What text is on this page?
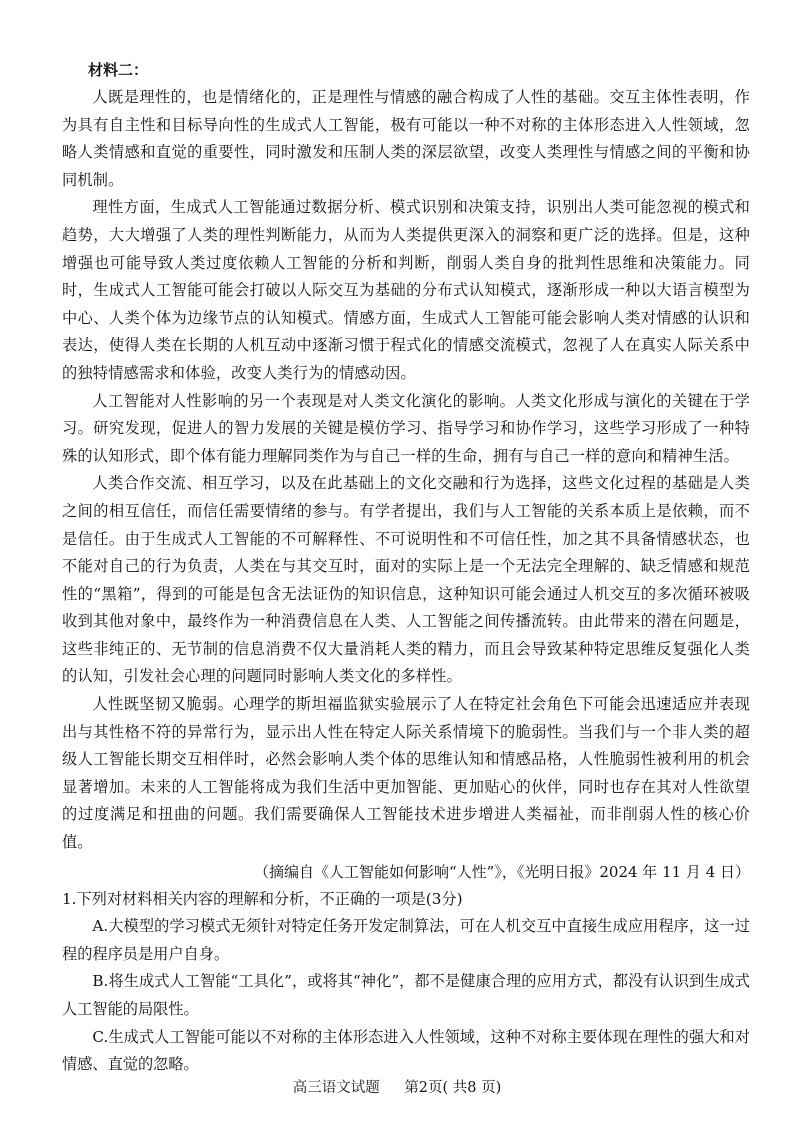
材料二：

人既是理性的，也是情绪化的，正是理性与情感的融合构成了人性的基础。交互主体性表明，作为具有自主性和目标导向性的生成式人工智能，极有可能以一种不对称的主体形态进入人性领域，忽略人类情感和直觉的重要性，同时激发和压制人类的深层欲望，改变人类理性与情感之间的平衡和协同机制。

理性方面，生成式人工智能通过数据分析、模式识别和决策支持，识别出人类可能忽视的模式和趋势，大大增强了人类的理性判断能力，从而为人类提供更深入的洞察和更广泛的选择。但是，这种增强也可能导致人类过度依赖人工智能的分析和判断，削弱人类自身的批判性思维和决策能力。同时，生成式人工智能可能会打破以人际交互为基础的分布式认知模式，逐渐形成一种以大语言模型为中心、人类个体为边缘节点的认知模式。情感方面，生成式人工智能可能会影响人类对情感的认识和表达，使得人类在长期的人机互动中逐渐习惯于程式化的情感交流模式，忽视了人在真实人际关系中的独特情感需求和体验，改变人类行为的情感动因。

人工智能对人性影响的另一个表现是对人类文化演化的影响。人类文化形成与演化的关键在于学习。研究发现，促进人的智力发展的关键是模仿学习、指导学习和协作学习，这些学习形成了一种特殊的认知形式，即个体有能力理解同类作为与自己一样的生命，拥有与自己一样的意向和精神生活。

人类合作交流、相互学习，以及在此基础上的文化交融和行为选择，这些文化过程的基础是人类之间的相互信任，而信任需要情绪的参与。有学者提出，我们与人工智能的关系本质上是依赖，而不是信任。由于生成式人工智能的不可解释性、不可说明性和不可信任性，加之其不具备情感状态，也不能对自己的行为负责，人类在与其交互时，面对的实际上是一个无法完全理解的、缺乏情感和规范性的“黑箱”，得到的可能是包含无法证伪的知识信息，这种知识可能会通过人机交互的多次循环被吸收到其他对象中，最终作为一种消费信息在人类、人工智能之间传播流转。由此带来的潜在问题是，这些非纯正的、无节制的信息消费不仅大量消耗人类的精力，而且会导致某种特定思维反复强化人类的认知，引发社会心理的问题同时影响人类文化的多样性。

人性既坚韧又脆弱。心理学的斯坦福监狱实验展示了人在特定社会角色下可能会迅速适应并表现出与其性格不符的异常行为，显示出人性在特定人际关系情境下的脆弱性。当我们与一个非人类的超级人工智能长期交互相伴时，必然会影响人类个体的思维认知和情感品格，人性脆弱性被利用的机会显著增加。未来的人工智能将成为我们生活中更加智能、更加贴心的伙伴，同时也存在其对人性欲望的过度满足和扭曲的问题。我们需要确保人工智能技术进步增进人类福祉，而非削弱人性的核心价值。

（摘编自《人工智能如何影响“人性”》，《光明日报》2024 年 11 月 4 日）

1.下列对材料相关内容的理解和分析，不正确的一项是(3分)

A.大模型的学习模式无须针对特定任务开发定制算法，可在人机交互中直接生成应用程序，这一过程的程序员是用户自身。

B.将生成式人工智能“工具化”，或将其“神化”，都不是健康合理的应用方式，都没有认识到生成式人工智能的局限性。

C.生成式人工智能可能以不对称的主体形态进入人性领域，这种不对称主要体现在理性的强大和对情感、直觉的忽略。

高三语文试题 第2页( 共8 页)
